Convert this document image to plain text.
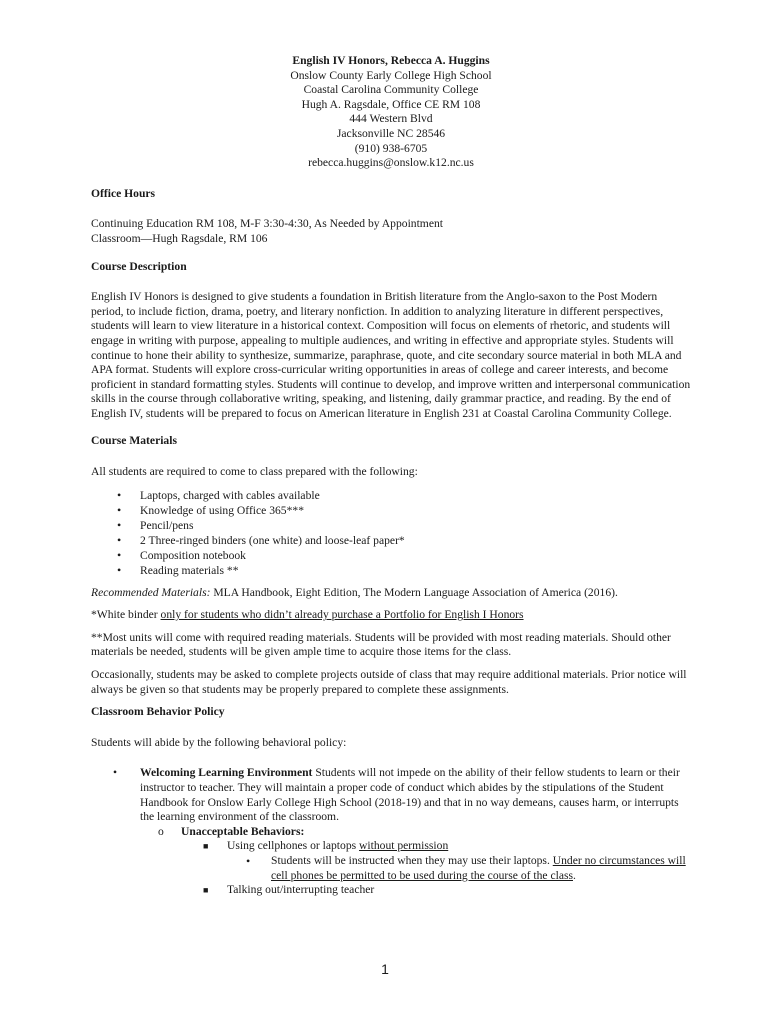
English IV Honors, Rebecca A. Huggins
Onslow County Early College High School
Coastal Carolina Community College
Hugh A. Ragsdale, Office CE RM 108
444 Western Blvd
Jacksonville NC 28546
(910) 938-6705
rebecca.huggins@onslow.k12.nc.us

Office Hours

Continuing Education RM 108, M-F 3:30-4:30, As Needed by Appointment

Classroom—Hugh Ragsdale, RM 106

Course Description

English IV Honors is designed to give students a foundation in British literature from the Anglo-saxon to the Post Modern period, to include fiction, drama, poetry, and literary nonfiction. In addition to analyzing literature in different perspectives, students will learn to view literature in a historical context. Composition will focus on elements of rhetoric, and students will engage in writing with purpose, appealing to multiple audiences, and writing in effective and appropriate styles. Students will continue to hone their ability to synthesize, summarize, paraphrase, quote, and cite secondary source material in both MLA and APA format. Students will explore cross-curricular writing opportunities in areas of college and career interests, and become proficient in standard formatting styles. Students will continue to develop, and improve written and interpersonal communication skills in the course through collaborative writing, speaking, and listening, daily grammar practice, and reading. By the end of English IV, students will be prepared to focus on American literature in English 231 at Coastal Carolina Community College.

Course Materials

All students are required to come to class prepared with the following:

• Laptops, charged with cables available
• Knowledge of using Office 365***
• Pencil/pens
• 2 Three-ringed binders (one white) and loose-leaf paper*
• Composition notebook
• Reading materials **

Recommended Materials: MLA Handbook, Eight Edition, The Modern Language Association of America (2016).

*White binder only for students who didn’t already purchase a Portfolio for English I Honors

**Most units will come with required reading materials. Students will be provided with most reading materials. Should other materials be needed, students will be given ample time to acquire those items for the class.

Occasionally, students may be asked to complete projects outside of class that may require additional materials. Prior notice will always be given so that students may be properly prepared to complete these assignments.

Classroom Behavior Policy

Students will abide by the following behavioral policy:

• Welcoming Learning Environment Students will not impede on the ability of their fellow students to learn or their instructor to teacher. They will maintain a proper code of conduct which abides by the stipulations of the Student Handbook for Onslow Early College High School (2018-19) and that in no way demeans, causes harm, or interrupts the learning environment of the classroom.
o Unacceptable Behaviors:
■ Using cellphones or laptops without permission
• Students will be instructed when they may use their laptops. Under no circumstances will cell phones be permitted to be used during the course of the class.
■ Talking out/interrupting teacher
1
